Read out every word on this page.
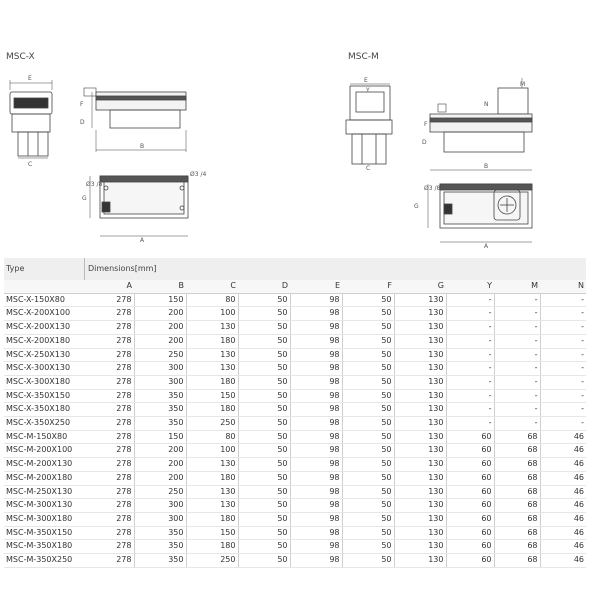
MSC-X	MSC-M
E
C
B
D
F
A
G
Ø3 /8
Ø3 /4
E
Y
C	B
D
F
N
M
A
G
Ø3 /8
Type	Dimensions[mm]
	A	B	C	D	E	F	G	Y	M	N
MSC-X-150X80	278	150	80	50	98	50	130	-	-	-
MSC-X-200X100	278	200	100	50	98	50	130	-	-	-
MSC-X-200X130	278	200	130	50	98	50	130	-	-	-
MSC-X-200X180	278	200	180	50	98	50	130	-	-	-
MSC-X-250X130	278	250	130	50	98	50	130	-	-	-
MSC-X-300X130	278	300	130	50	98	50	130	-	-	-
MSC-X-300X180	278	300	180	50	98	50	130	-	-	-
MSC-X-350X150	278	350	150	50	98	50	130	-	-	-
MSC-X-350X180	278	350	180	50	98	50	130	-	-	-
MSC-X-350X250	278	350	250	50	98	50	130	-	-	-
MSC-M-150X80	278	150	80	50	98	50	130	60	68	46
MSC-M-200X100	278	200	100	50	98	50	130	60	68	46
MSC-M-200X130	278	200	130	50	98	50	130	60	68	46
MSC-M-200X180	278	200	180	50	98	50	130	60	68	46
MSC-M-250X130	278	250	130	50	98	50	130	60	68	46
MSC-M-300X130	278	300	130	50	98	50	130	60	68	46
MSC-M-300X180	278	300	180	50	98	50	130	60	68	46
MSC-M-350X150	278	350	150	50	98	50	130	60	68	46
MSC-M-350X180	278	350	180	50	98	50	130	60	68	46
MSC-M-350X250	278	350	250	50	98	50	130	60	68	46
